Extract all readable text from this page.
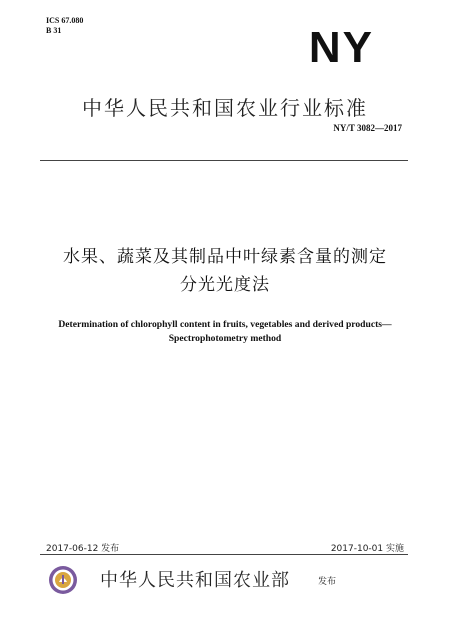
ICS 67.080
B 31	NY
中华人民共和国农业行业标准
NY/T 3082—2017
水果、蔬菜及其制品中叶绿素含量的测定
分光光度法
Determination of chlorophyll content in fruits, vegetables and derived products—
Spectrophotometry method
2017-06-12 发布	2017-10-01 实施
中华人民共和国农业部	发布
